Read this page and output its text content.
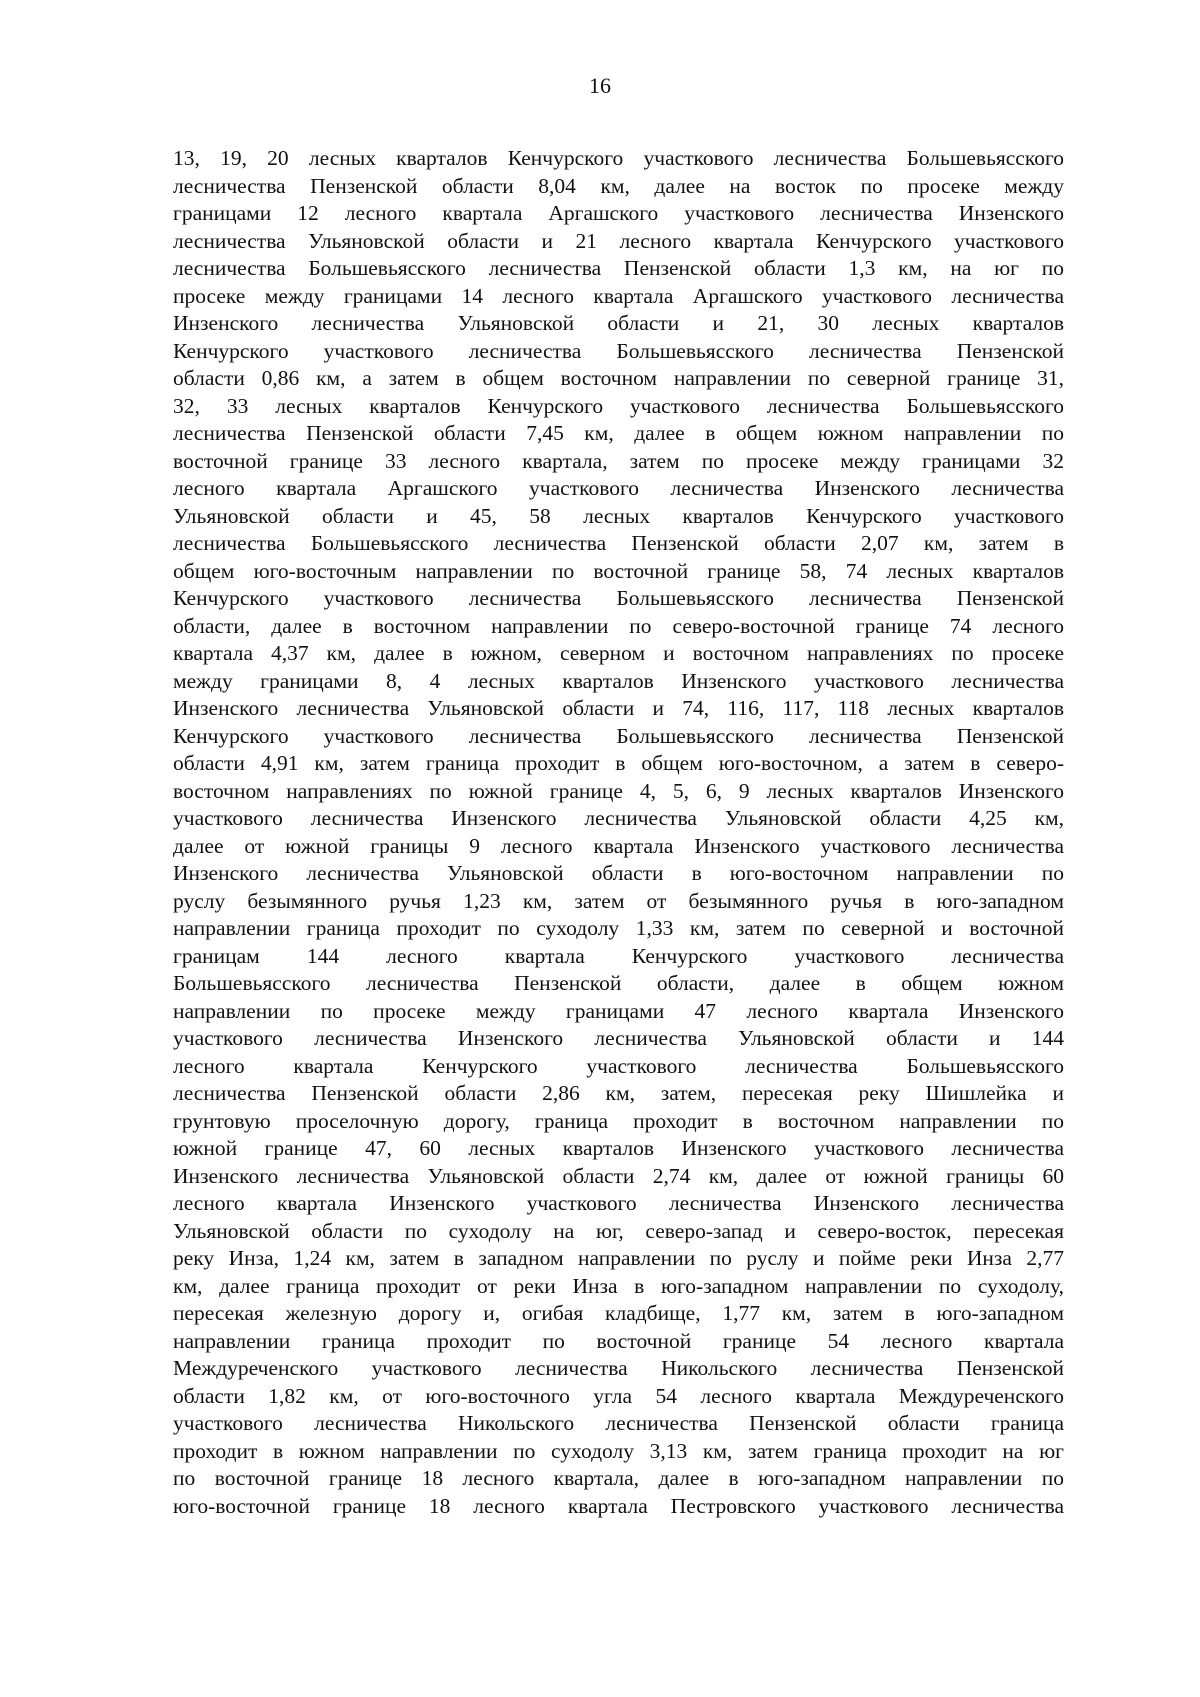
16
13, 19, 20 лесных кварталов Кенчурского участкового лесничества Большевьясского
лесничества Пензенской области 8,04 км, далее на восток по просеке между
границами 12 лесного квартала Аргашского участкового лесничества Инзенского
лесничества Ульяновской области и 21 лесного квартала Кенчурского участкового
лесничества Большевьясского лесничества Пензенской области 1,3 км, на юг по
просеке между границами 14 лесного квартала Аргашского участкового лесничества
Инзенского лесничества Ульяновской области и 21, 30 лесных кварталов
Кенчурского участкового лесничества Большевьясского лесничества Пензенской
области 0,86 км, а затем в общем восточном направлении по северной границе 31,
32, 33 лесных кварталов Кенчурского участкового лесничества Большевьясского
лесничества Пензенской области 7,45 км, далее в общем южном направлении по
восточной границе 33 лесного квартала, затем по просеке между границами 32
лесного квартала Аргашского участкового лесничества Инзенского лесничества
Ульяновской области и 45, 58 лесных кварталов Кенчурского участкового
лесничества Большевьясского лесничества Пензенской области 2,07 км, затем в
общем юго-восточным направлении по восточной границе 58, 74 лесных кварталов
Кенчурского участкового лесничества Большевьясского лесничества Пензенской
области, далее в восточном направлении по северо-восточной границе 74 лесного
квартала 4,37 км, далее в южном, северном и восточном направлениях по просеке
между границами 8, 4 лесных кварталов Инзенского участкового лесничества
Инзенского лесничества Ульяновской области и 74, 116, 117, 118 лесных кварталов
Кенчурского участкового лесничества Большевьясского лесничества Пензенской
области 4,91 км, затем граница проходит в общем юго-восточном, а затем в северо-
восточном направлениях по южной границе 4, 5, 6, 9 лесных кварталов Инзенского
участкового лесничества Инзенского лесничества Ульяновской области 4,25 км,
далее от южной границы 9 лесного квартала Инзенского участкового лесничества
Инзенского лесничества Ульяновской области в юго-восточном направлении по
руслу безымянного ручья 1,23 км, затем от безымянного ручья в юго-западном
направлении граница проходит по суходолу 1,33 км, затем по северной и восточной
границам 144 лесного квартала Кенчурского участкового лесничества
Большевьясского лесничества Пензенской области, далее в общем южном
направлении по просеке между границами 47 лесного квартала Инзенского
участкового лесничества Инзенского лесничества Ульяновской области и 144
лесного квартала Кенчурского участкового лесничества Большевьясского
лесничества Пензенской области 2,86 км, затем, пересекая реку Шишлейка и
грунтовую проселочную дорогу, граница проходит в восточном направлении по
южной границе 47, 60 лесных кварталов Инзенского участкового лесничества
Инзенского лесничества Ульяновской области 2,74 км, далее от южной границы 60
лесного квартала Инзенского участкового лесничества Инзенского лесничества
Ульяновской области по суходолу на юг, северо-запад и северо-восток, пересекая
реку Инза, 1,24 км, затем в западном направлении по руслу и пойме реки Инза 2,77
км, далее граница проходит от реки Инза в юго-западном направлении по суходолу,
пересекая железную дорогу и, огибая кладбище, 1,77 км, затем в юго-западном
направлении граница проходит по восточной границе 54 лесного квартала
Междуреченского участкового лесничества Никольского лесничества Пензенской
области 1,82 км, от юго-восточного угла 54 лесного квартала Междуреченского
участкового лесничества Никольского лесничества Пензенской области граница
проходит в южном направлении по суходолу 3,13 км, затем граница проходит на юг
по восточной границе 18 лесного квартала, далее в юго-западном направлении по
юго-восточной границе 18 лесного квартала Пестровского участкового лесничества
